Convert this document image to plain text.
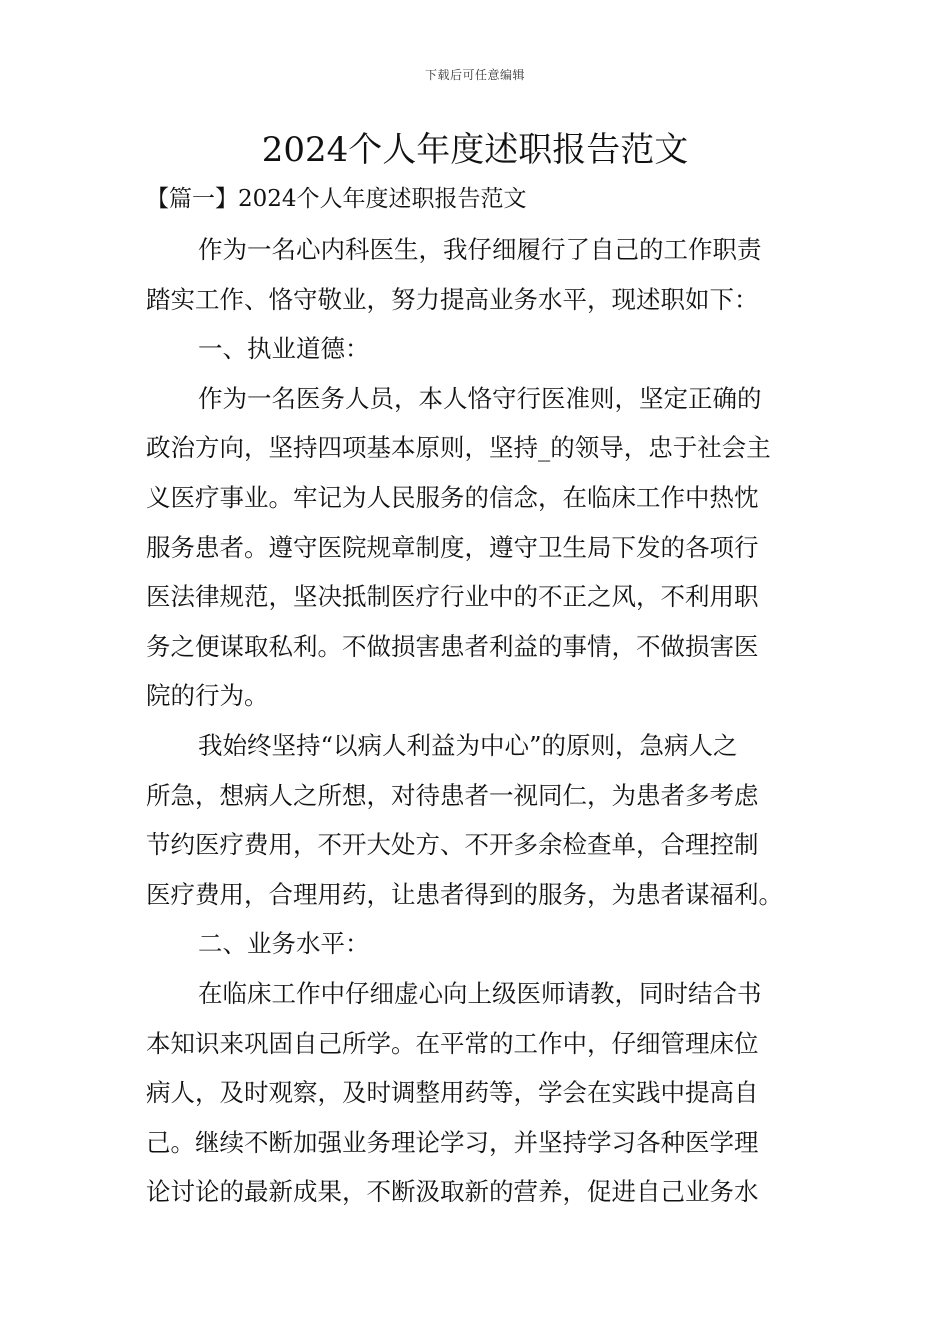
下载后可任意编辑
2024个人年度述职报告范文
【篇一】2024个人年度述职报告范文
作为一名心内科医生，我仔细履行了自己的工作职责
踏实工作、恪守敬业，努力提高业务水平，现述职如下：
一、执业道德：
作为一名医务人员，本人恪守行医准则，坚定正确的
政治方向，坚持四项基本原则，坚持_的领导，忠于社会主
义医疗事业。牢记为人民服务的信念，在临床工作中热忱
服务患者。遵守医院规章制度，遵守卫生局下发的各项行
医法律规范，坚决抵制医疗行业中的不正之风，不利用职
务之便谋取私利。不做损害患者利益的事情，不做损害医
院的行为。
我始终坚持“以病人利益为中心”的原则，急病人之
所急，想病人之所想，对待患者一视同仁，为患者多考虑
节约医疗费用，不开大处方、不开多余检查单，合理控制
医疗费用，合理用药，让患者得到的服务，为患者谋福利。
二、业务水平：
在临床工作中仔细虚心向上级医师请教，同时结合书
本知识来巩固自己所学。在平常的工作中，仔细管理床位
病人，及时观察，及时调整用药等，学会在实践中提高自
己。继续不断加强业务理论学习，并坚持学习各种医学理
论讨论的最新成果，不断汲取新的营养，促进自己业务水
